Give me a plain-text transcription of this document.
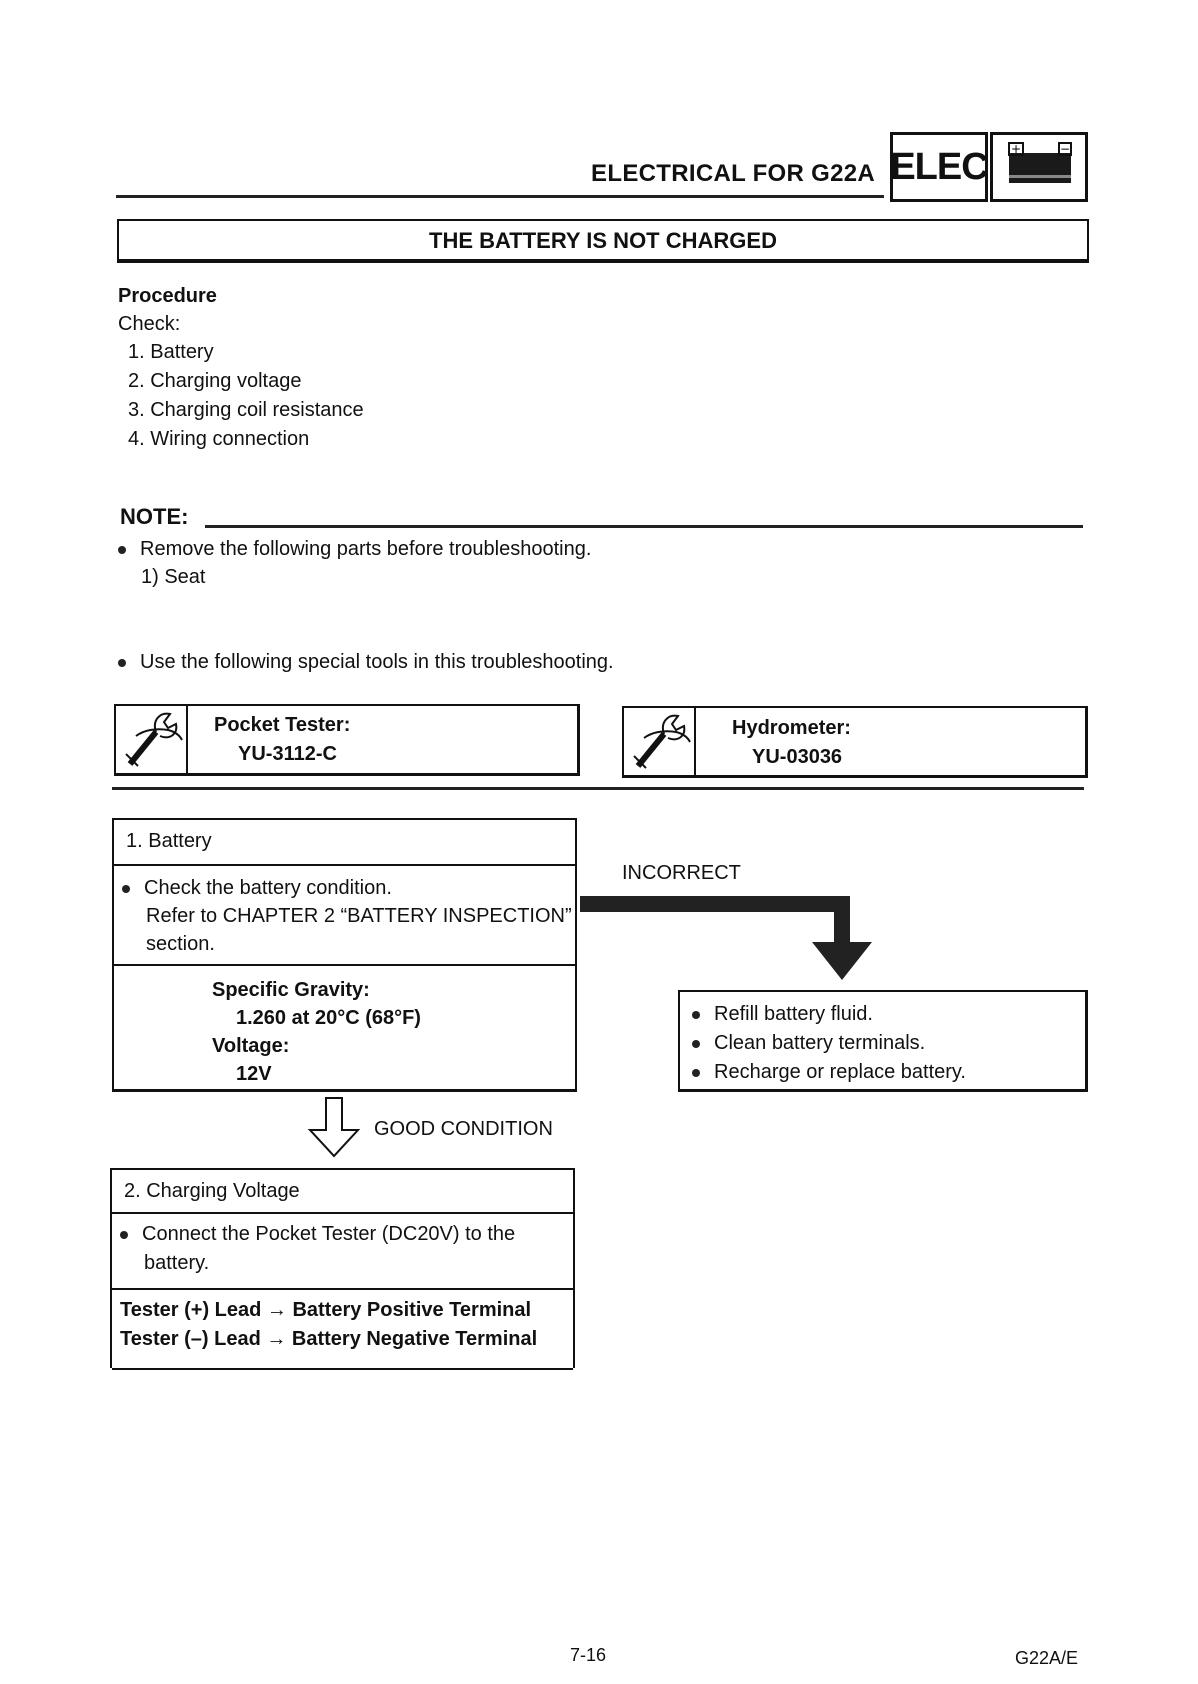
ELECTRICAL FOR G22A ELEC +	−
THE BATTERY IS NOT CHARGED
Procedure
Check:
1. Battery
2. Charging voltage
3. Charging coil resistance
4. Wiring connection
NOTE:
Remove the following parts before troubleshooting.
1) Seat
Use the following special tools in this troubleshooting.
Pocket Tester:
YU-3112-C
Hydrometer:
YU-03036
1. Battery
Check the battery condition.
Refer to CHAPTER 2 “BATTERY INSPECTION”
section.
Specific Gravity:
1.260 at 20°C (68°F)
Voltage:
12V
INCORRECT
Refill battery fluid.
Clean battery terminals.
Recharge or replace battery.
GOOD CONDITION
2. Charging Voltage
Connect the Pocket Tester (DC20V) to the
battery.
Tester (+) Lead → Battery Positive Terminal
Tester (–) Lead → Battery Negative Terminal
7-16	G22A/E
